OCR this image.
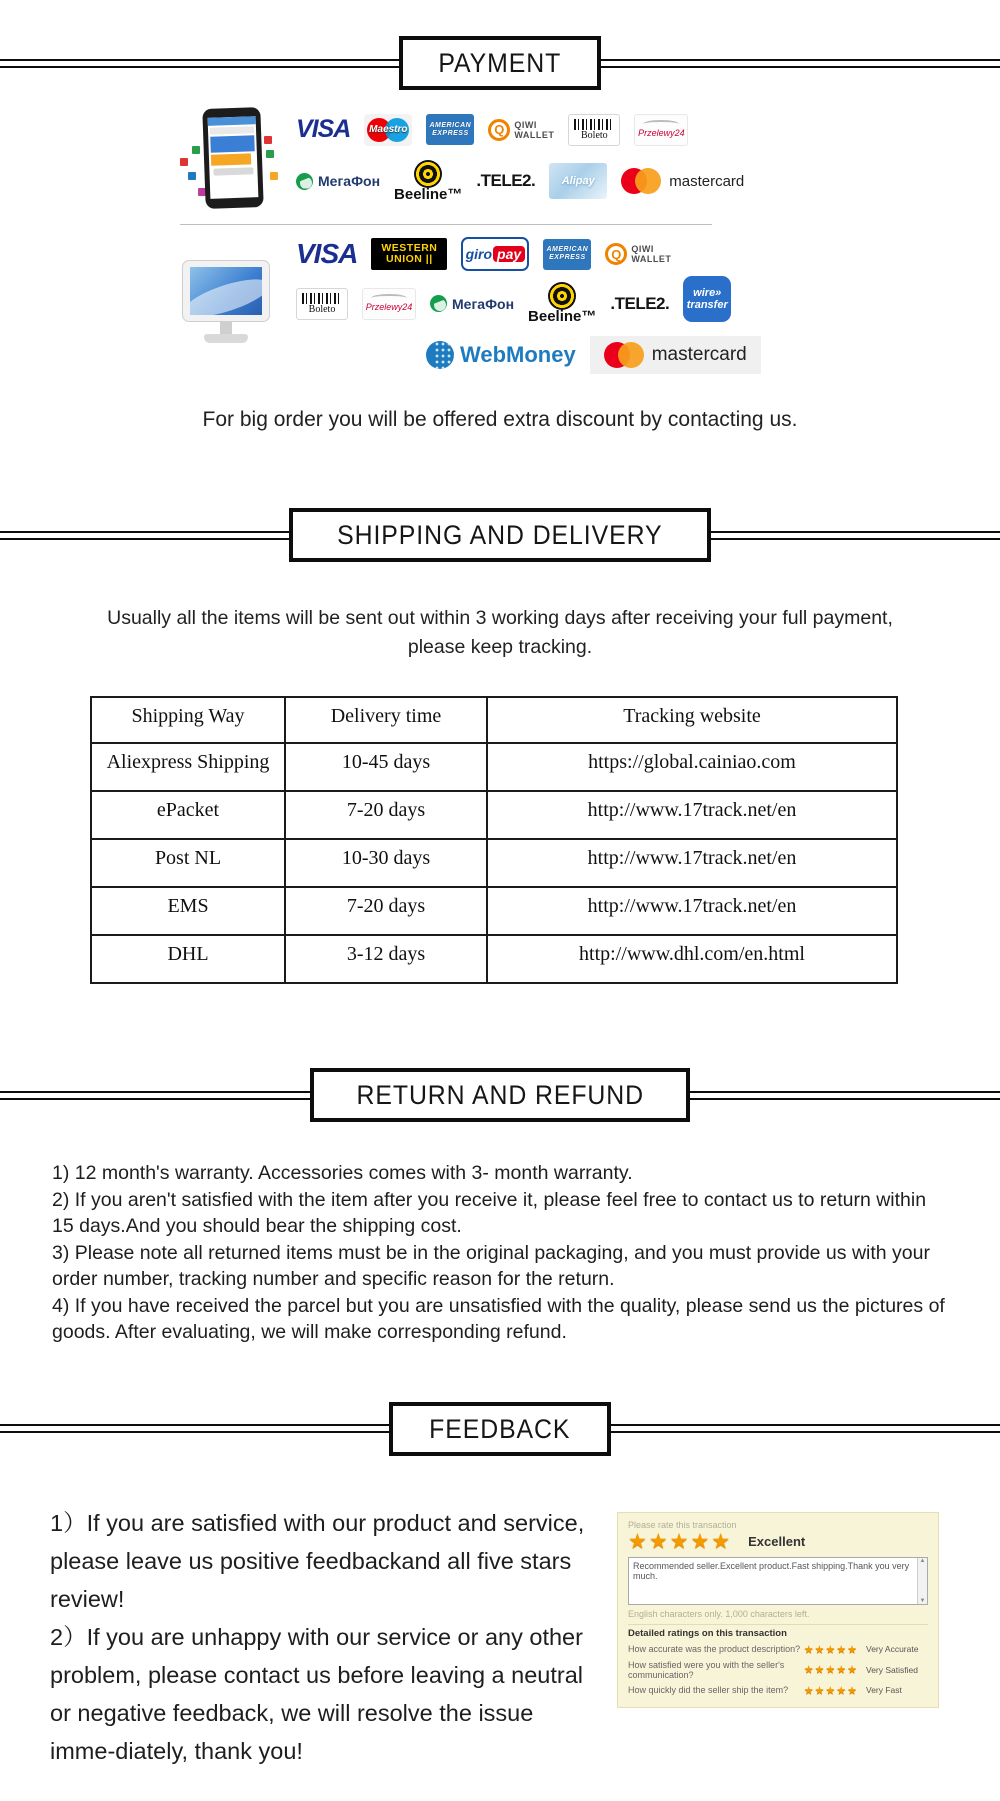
PAYMENT
VISA	Maestro	AMERICAN
EXPRESS	Q	QIWI
WALLET	Boleto	Przelewy24
МегаФон
Beeline™
.TELE2. Alipay	mastercard
VISA WESTERN
UNION || giro pay	AMERICAN
EXPRESS	Q	QIWI
WALLET
Boleto	Przelewy24	МегаФон
Beeline™
.TELE2.
wire»
transfer
WebMoney	mastercard
For big order you will be offered extra discount by contacting us.
SHIPPING AND DELIVERY
Usually all the items will be sent out within 3 working days after receiving your full payment, please keep tracking.
Shipping Way	Delivery time	Tracking website
Aliexpress Shipping	10-45 days	https://global.cainiao.com
ePacket	7-20 days	http://www.17track.net/en
Post NL	10-30 days	http://www.17track.net/en
EMS	7-20 days	http://www.17track.net/en
DHL	3-12 days	http://www.dhl.com/en.html
RETURN AND REFUND

1) 12 month's warranty. Accessories comes with 3- month warranty.

2) If you aren't satisfied with the item after you receive it, please feel free to contact us to return within 15 days.And you should bear the shipping cost.

3) Please note all returned items must be in the original packaging, and you must provide us with your order number, tracking number and specific reason for the return.

4) If you have received the parcel but you are unsatisfied with the quality, please send us the pictures of goods. After evaluating, we will make corresponding refund.

FEEDBACK

1）If you are satisfied with our product and service, please leave us positive feedbackand all five stars review!

2）If you are unhappy with our service or any other problem, please contact us before leaving a neutral or negative feedback, we will resolve the issue imme-diately, thank you!

Please rate this transaction
★★★★★ Excellent
Recommended seller.Excellent product.Fast shipping.Thank you very much.
▲
▼
English characters only. 1,000 characters left.
Detailed ratings on this transaction
How accurate was the product description? ★★★★★ Very Accurate
How satisfied were you with the seller's communication?	★★★★★ Very Satisfied
How quickly did the seller ship the item?	★★★★★ Very Fast
